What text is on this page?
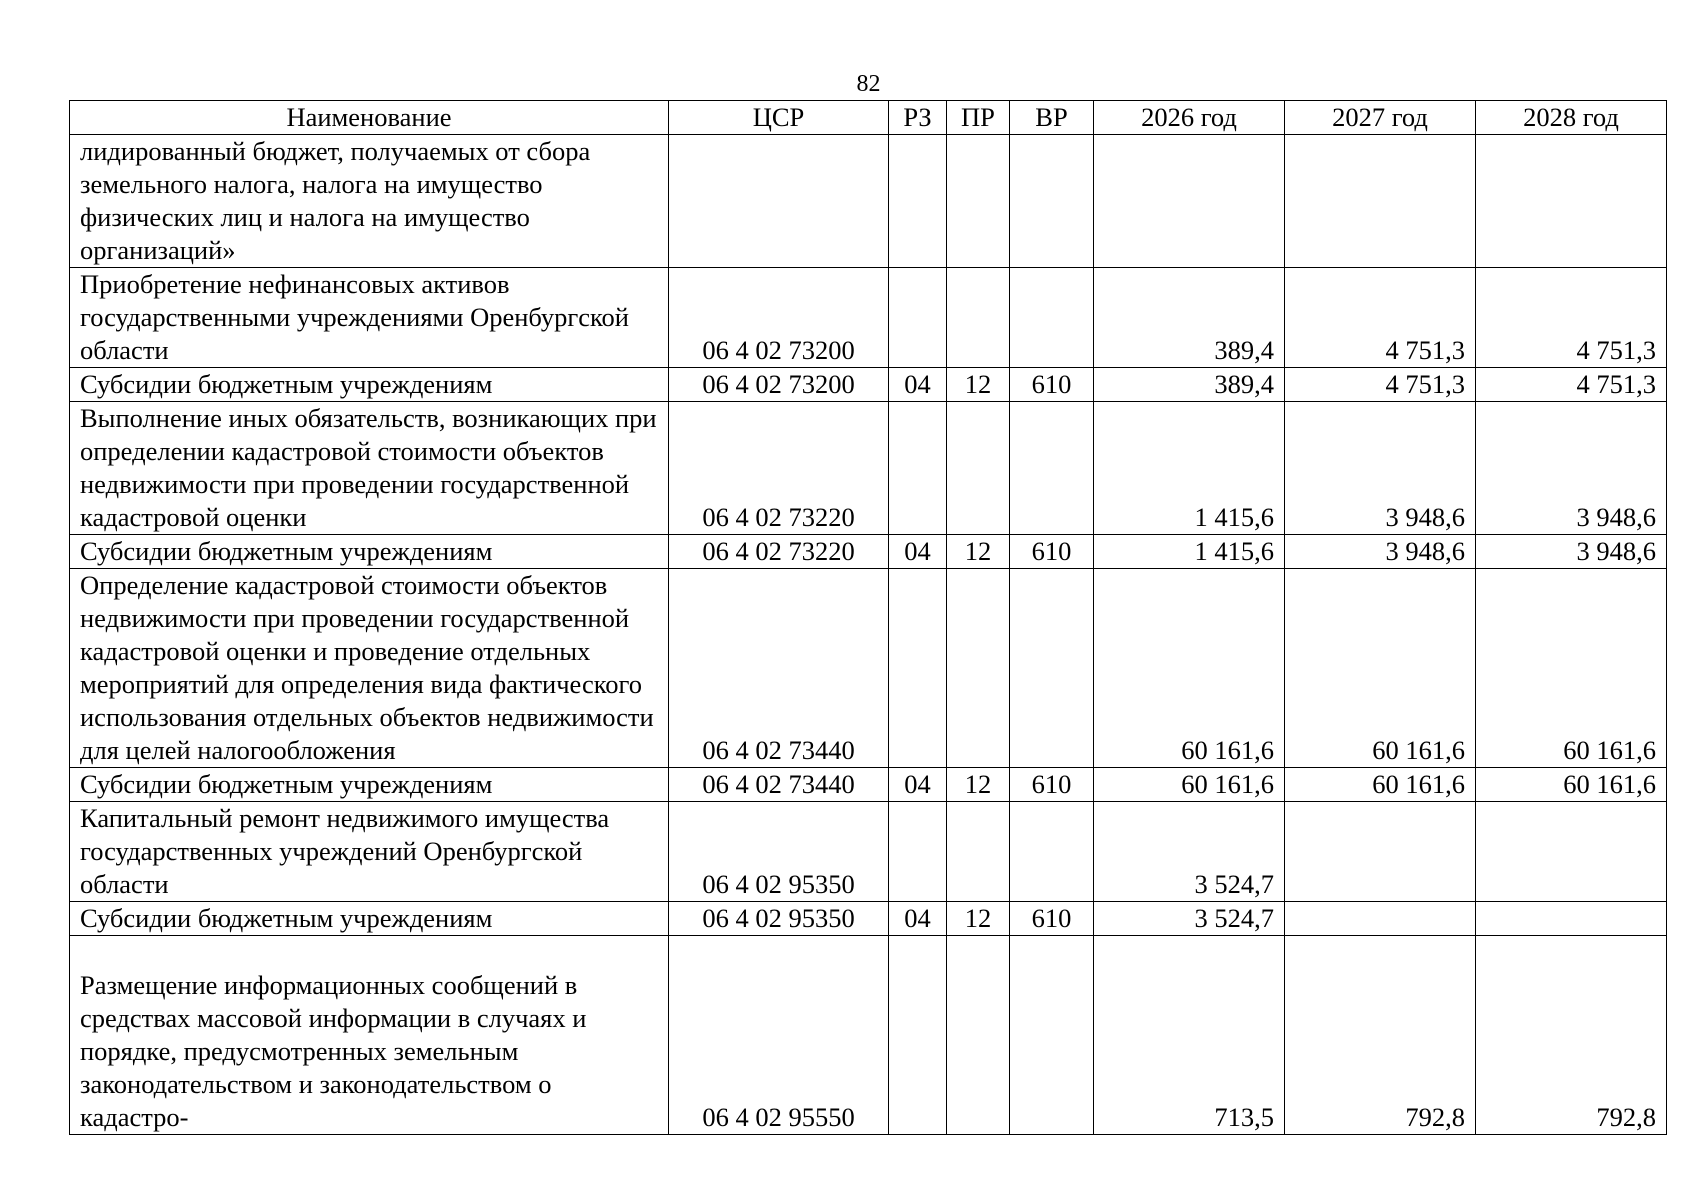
82
Наименование	ЦСР	РЗ	ПР	ВР	2026 год	2027 год	2028 год
лидированный бюджет, получаемых от сбора земельного налога, налога на имущество физических лиц и налога на имущество организаций»							
Приобретение нефинансовых активов государственными учреждениями Оренбургской области	06 4 02 73200				389,4	4 751,3	4 751,3
Субсидии бюджетным учреждениям	06 4 02 73200	04	12	610	389,4	4 751,3	4 751,3
Выполнение иных обязательств, возникающих при определении кадастровой стоимости объектов недвижимости при проведении государственной кадастровой оценки	06 4 02 73220				1 415,6	3 948,6	3 948,6
Субсидии бюджетным учреждениям	06 4 02 73220	04	12	610	1 415,6	3 948,6	3 948,6
Определение кадастровой стоимости объектов недвижимости при проведении государственной кадастровой оценки и проведение отдельных мероприятий для определения вида фактического использования отдельных объектов недвижимости для целей налогообложения	06 4 02 73440				60 161,6	60 161,6	60 161,6
Субсидии бюджетным учреждениям	06 4 02 73440	04	12	610	60 161,6	60 161,6	60 161,6
Капитальный ремонт недвижимого имущества государственных учреждений Оренбургской области	06 4 02 95350				3 524,7		
Субсидии бюджетным учреждениям	06 4 02 95350	04	12	610	3 524,7		

Размещение информационных сообщений в средствах массовой информации в случаях и порядке, предусмотренных земельным законодательством и законодательством о кадастро-	06 4 02 95550				713,5	792,8	792,8
